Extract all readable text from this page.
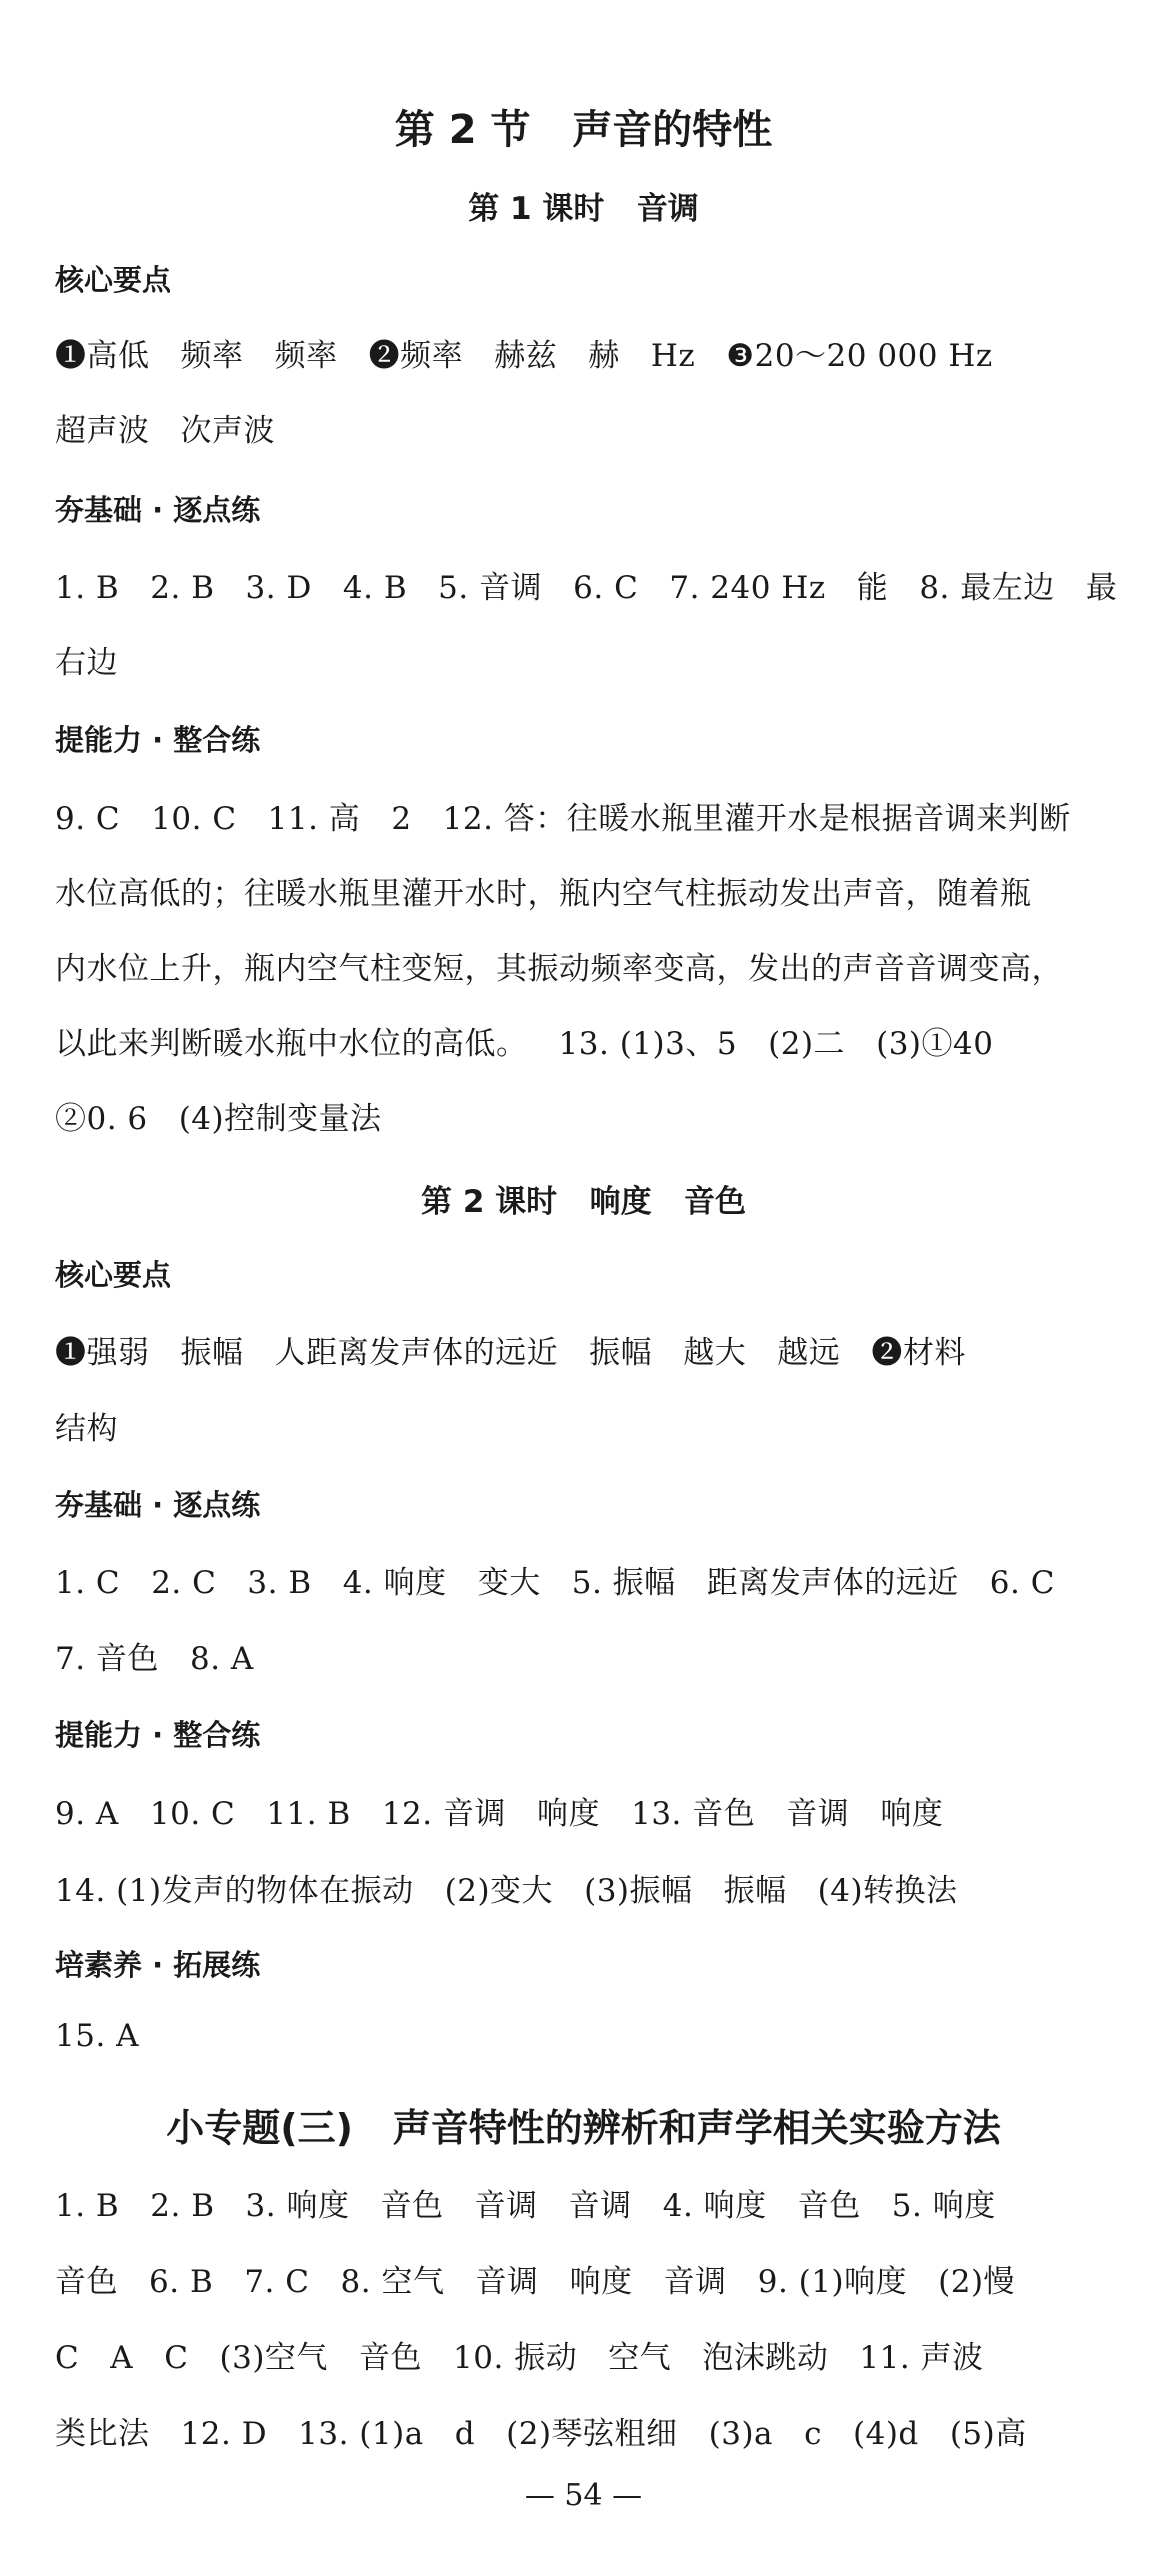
第 2 节   声音的特性
第 1 课时   音调
核心要点
❶高低   频率   频率   ❷频率   赫兹   赫   Hz   ❸20～20 000 Hz
超声波   次声波
夯基础 · 逐点练
1. B   2. B   3. D   4. B   5. 音调   6. C   7. 240 Hz   能   8. 最左边   最
右边
提能力 · 整合练
9. C   10. C   11. 高   2   12. 答：往暖水瓶里灌开水是根据音调来判断
水位高低的；往暖水瓶里灌开水时，瓶内空气柱振动发出声音，随着瓶
内水位上升，瓶内空气柱变短，其振动频率变高，发出的声音音调变高，
以此来判断暖水瓶中水位的高低。   13. (1)3、5   (2)二   (3)①40
②0. 6   (4)控制变量法
第 2 课时   响度   音色
核心要点
❶强弱   振幅   人距离发声体的远近   振幅   越大   越远   ❷材料
结构
夯基础 · 逐点练
1. C   2. C   3. B   4. 响度   变大   5. 振幅   距离发声体的远近   6. C
7. 音色   8. A
提能力 · 整合练
9. A   10. C   11. B   12. 音调   响度   13. 音色   音调   响度
14. (1)发声的物体在振动   (2)变大   (3)振幅   振幅   (4)转换法
培素养 · 拓展练
15. A
小专题(三)   声音特性的辨析和声学相关实验方法
1. B   2. B   3. 响度   音色   音调   音调   4. 响度   音色   5. 响度
音色   6. B   7. C   8. 空气   音调   响度   音调   9. (1)响度   (2)慢
C   A   C   (3)空气   音色   10. 振动   空气   泡沫跳动   11. 声波
类比法   12. D   13. (1)a   d   (2)琴弦粗细   (3)a   c   (4)d   (5)高
— 54 —
